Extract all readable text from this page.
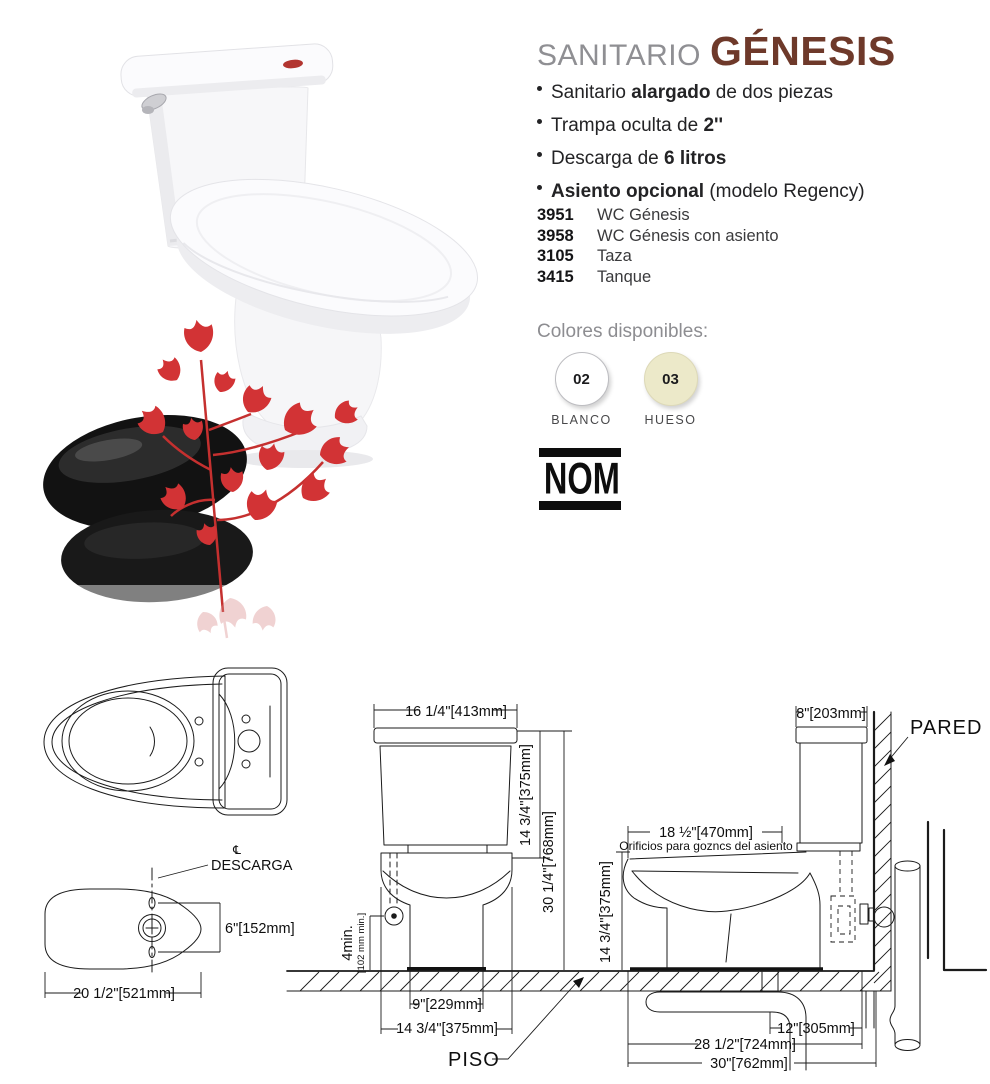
SANITARIO GÉNESIS
Sanitario alargado de dos piezas
Trampa oculta de 2''
Descarga de 6 litros
Asiento opcional (modelo Regency)
3951	WC Génesis
3958	WC Génesis con asiento
3105	Taza
3415	Tanque
Colores disponibles:
02
BLANCO
03
HUESO
NOM
6"[152mm]
20 1/2"[521mm]
℄
DESCARGA
16 1/4"[413mm]
4min. [102 mm min.]
14 3/4"[375mm]
30 1/4"[768mm]
9"[229mm]
14 3/4"[375mm]
PISO
8"[203mm]
PARED
18 ½"[470mm]
Orificios para gozncs del asiento
14 3/4"[375mm]
12"[305mm]
28 1/2"[724mm]
30"[762mm]
